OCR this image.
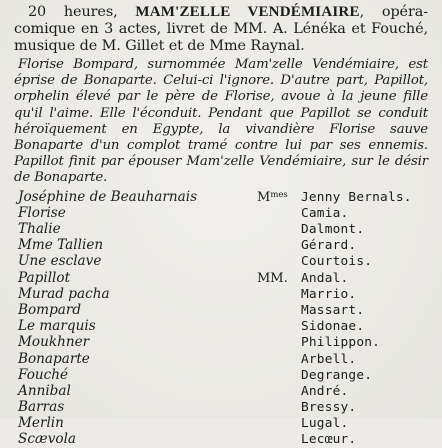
20 heures, MAM'ZELLE VENDÉMIAIRE, opéra-comique en 3 actes, livret de MM. A. Lénéka et Fouché, musique de M. Gillet et de Mme Raynal.

Florise Bompard, surnommée Mam'zelle Vendémiaire, est éprise de Bonaparte. Celui-ci l'ignore. D'autre part, Papillot, orphelin élevé par le père de Florise, avoue à la jeune fille qu'il l'aime. Elle l'éconduit. Pendant que Papillot se conduit héroïquement en Egypte, la vivandière Florise sauve Bonaparte d'un complot tramé contre lui par ses ennemis. Papillot finit par épouser Mam'zelle Vendémiaire, sur le désir de Bonaparte.

Joséphine de Beauharnais	$M^{mes}$	Jenny Bernals.
Florise	Camia.
Thalie	Dalmont.
Mme Tallien	Gérard.
Une esclave	Courtois.
Papillot	MM.	Andal.
Murad pacha	Marrio.
Bompard	Massart.
Le marquis	Sidonae.
Moukhner	Philippon.
Bonaparte	Arbell.
Fouché	Degrange.
Annibal	André.
Barras	Bressy.
Merlin	Lugal.
Scævola	Lecœur.
